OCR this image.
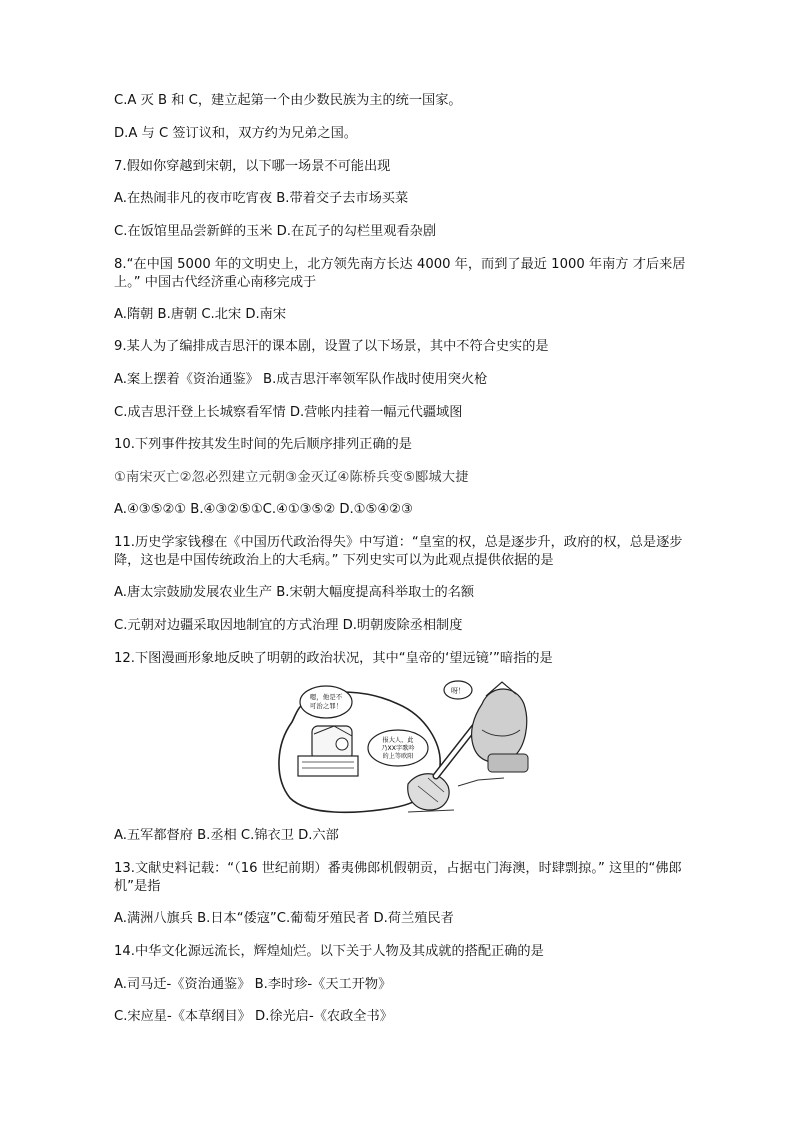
C.A 灭 B 和 C，建立起第一个由少数民族为主的统一国家。
D.A 与 C 签订议和，双方约为兄弟之国。
7.假如你穿越到宋朝，以下哪一场景不可能出现
A.在热闹非凡的夜市吃宵夜 B.带着交子去市场买菜
C.在饭馆里品尝新鲜的玉米 D.在瓦子的勾栏里观看杂剧
8.“在中国 5000 年的文明史上，北方领先南方长达 4000 年，而到了最近 1000 年南方 才后来居上。” 中国古代经济重心南移完成于
A.隋朝 B.唐朝 C.北宋 D.南宋
9.某人为了编排成吉思汗的课本剧，设置了以下场景，其中不符合史实的是
A.案上摆着《资治通鉴》 B.成吉思汗率领军队作战时使用突火枪
C.成吉思汗登上长城察看军情 D.营帐内挂着一幅元代疆域图
10.下列事件按其发生时间的先后顺序排列正确的是
①南宋灭亡②忽必烈建立元朝③金灭辽④陈桥兵变⑤郾城大捷
A.④③⑤②① B.④③②⑤①C.④①③⑤② D.①⑤④②③
11.历史学家钱穆在《中国历代政治得失》中写道：“皇室的权，总是逐步升，政府的权，总是逐步降，这也是中国传统政治上的大毛病。” 下列史实可以为此观点提供依据的是
A.唐太宗鼓励发展农业生产 B.宋朝大幅度提高科举取士的名额
C.元朝对边疆采取因地制宜的方式治理 D.明朝废除丞相制度
12.下图漫画形象地反映了明朝的政治状况，其中“皇帝的‘望远镜’”暗指的是
嗯，他是不
可治之罪！
报大人，此
乃XX字歌吟
的上等欧阳
呀！
A.五军都督府 B.丞相 C.锦衣卫 D.六部
13.文献史料记载：“（16 世纪前期）番夷佛郎机假朝贡，占据屯门海澳，时肆剽掠。” 这里的“佛郎机”是指
A.满洲八旗兵 B.日本“倭寇”C.葡萄牙殖民者 D.荷兰殖民者
14.中华文化源远流长，辉煌灿烂。以下关于人物及其成就的搭配正确的是
A.司马迁-《资治通鉴》 B.李时珍-《天工开物》
C.宋应星-《本草纲目》 D.徐光启-《农政全书》
